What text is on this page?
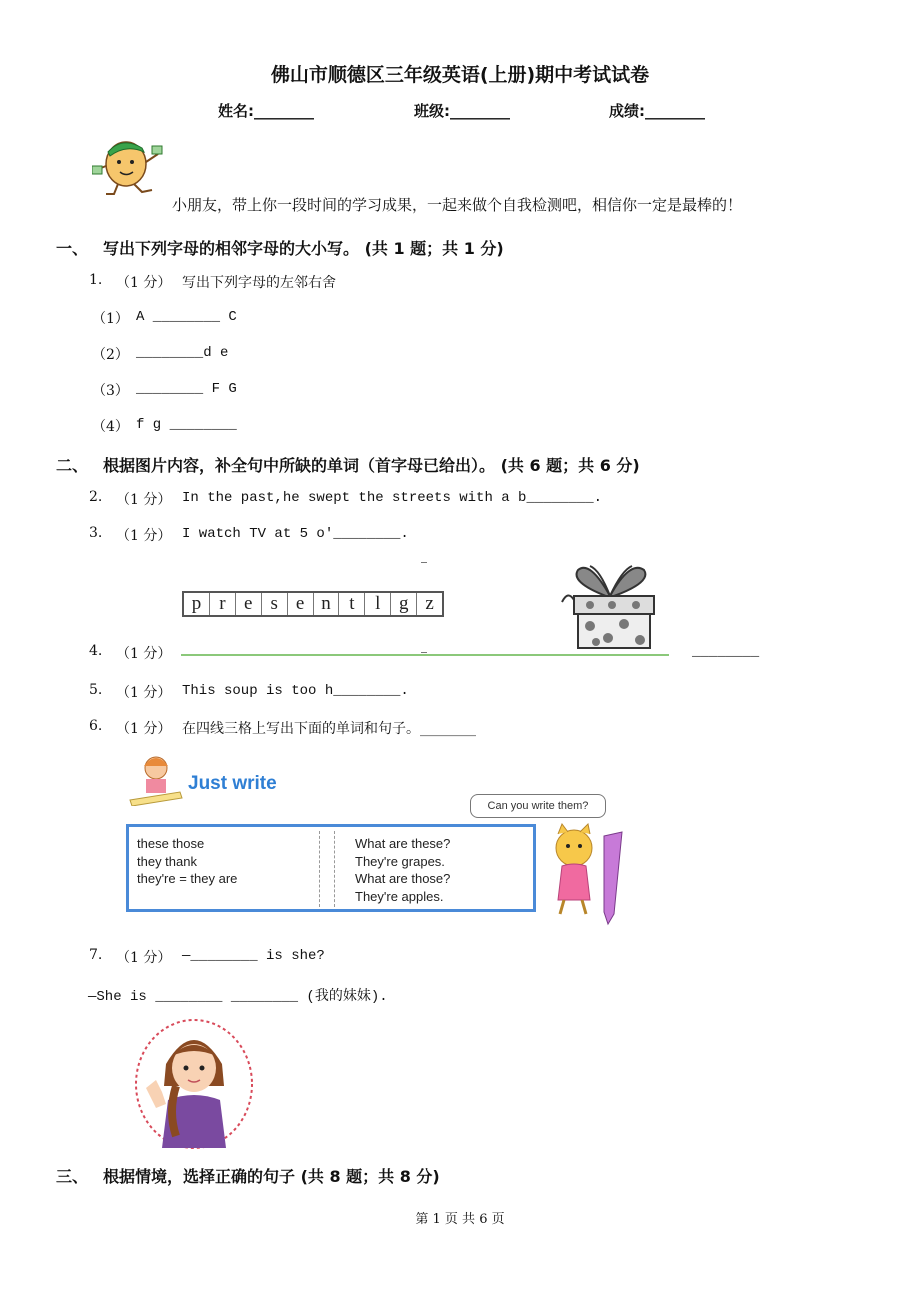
佛山市顺德区三年级英语(上册)期中考试试卷
姓名:________	班级:________	成绩:________
小朋友，带上你一段时间的学习成果，一起来做个自我检测吧，相信你一定是最棒的！
一、 写出下列字母的相邻字母的大小写。 (共 1 题；共 1 分)
1. （1 分） 写出下列字母的左邻右舍
（1） A ________ C
（2） ________d e
（3） ________ F G
（4） f g ________
二、 根据图片内容，补全句中所缺的单词（首字母已给出）。 (共 6 题；共 6 分)
2. （1 分） In the past,he swept the streets with a b________.
3. （1 分） I watch TV at 5 o'________.
p r e s e n t	l g z
4. （1 分）	________
5. （1 分） This soup is too h________.
6. （1 分） 在四线三格上写出下面的单词和句子。________
Just write
these those
they thank
they're = they are
What are these?
They're grapes.
What are those?
They're apples.
Can you write them?
7. （1 分） —________ is she?
—She is ________ ________ (我的妹妹).
三、 根据情境，选择正确的句子 (共 8 题；共 8 分)
第 1 页 共 6 页
